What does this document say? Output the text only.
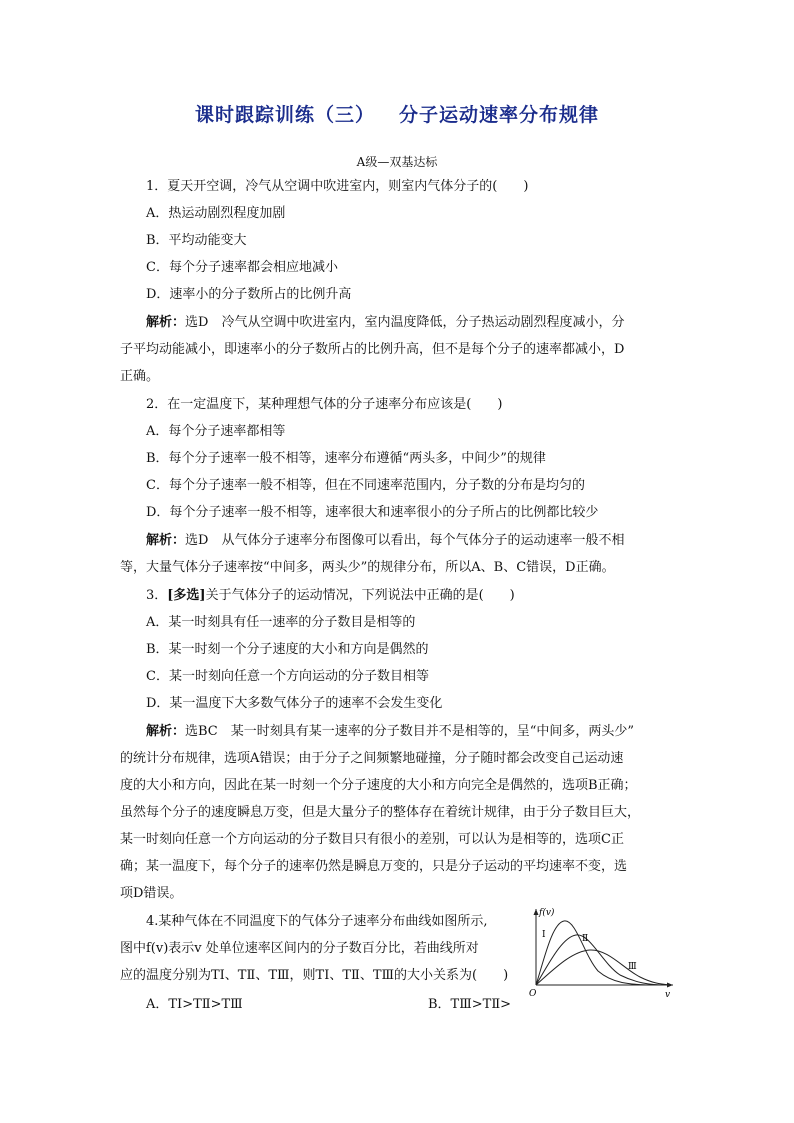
课时跟踪训练（三） 分子运动速率分布规律
A级—双基达标
1．夏天开空调，冷气从空调中吹进室内，则室内气体分子的(　　)
A．热运动剧烈程度加剧
B．平均动能变大
C．每个分子速率都会相应地减小
D．速率小的分子数所占的比例升高
解析：选D　冷气从空调中吹进室内，室内温度降低，分子热运动剧烈程度减小，分
子平均动能减小，即速率小的分子数所占的比例升高，但不是每个分子的速率都减小，D
正确。
2．在一定温度下，某种理想气体的分子速率分布应该是(　　)
A．每个分子速率都相等
B．每个分子速率一般不相等，速率分布遵循“两头多，中间少”的规律
C．每个分子速率一般不相等，但在不同速率范围内，分子数的分布是均匀的
D．每个分子速率一般不相等，速率很大和速率很小的分子所占的比例都比较少
解析：选D　从气体分子速率分布图像可以看出，每个气体分子的运动速率一般不相
等，大量气体分子速率按“中间多，两头少”的规律分布，所以A、B、C错误，D正确。
3．[多选]关于气体分子的运动情况，下列说法中正确的是(　　)
A．某一时刻具有任一速率的分子数目是相等的
B．某一时刻一个分子速度的大小和方向是偶然的
C．某一时刻向任意一个方向运动的分子数目相等
D．某一温度下大多数气体分子的速率不会发生变化
解析：选BC　某一时刻具有某一速率的分子数目并不是相等的，呈“中间多，两头少”
的统计分布规律，选项A错误；由于分子之间频繁地碰撞，分子随时都会改变自己运动速
度的大小和方向，因此在某一时刻一个分子速度的大小和方向完全是偶然的，选项B正确；
虽然每个分子的速度瞬息万变，但是大量分子的整体存在着统计规律，由于分子数目巨大，
某一时刻向任意一个方向运动的分子数目只有很小的差别，可以认为是相等的，选项C正
确；某一温度下，每个分子的速率仍然是瞬息万变的，只是分子运动的平均速率不变，选
项D错误。
4.某种气体在不同温度下的气体分子速率分布曲线如图所示,
图中f(v)表示v 处单位速率区间内的分子数百分比，若曲线所对
应的温度分别为TⅠ、TⅡ、TⅢ，则TⅠ、TⅡ、TⅢ的大小关系为(　　)
A．TⅠ>TⅡ>TⅢ	B．TⅢ>TⅡ>
f(v)
v
O
Ⅰ	Ⅱ
Ⅲ
